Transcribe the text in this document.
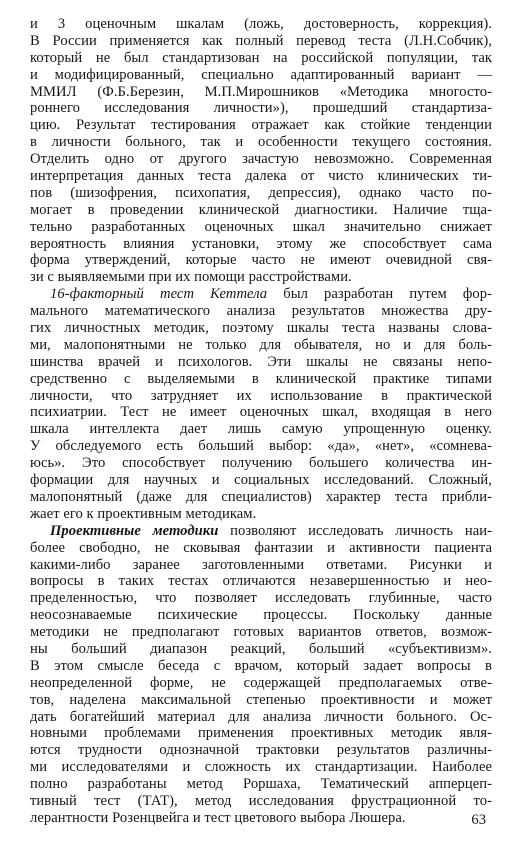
и 3 оценочным шкалам (ложь, достоверность, коррекция).
В России применяется как полный перевод теста (Л.Н.Собчик),
который не был стандартизован на российской популяции, так
и модифицированный, специально адаптированный вариант —
ММИЛ (Ф.Б.Березин, М.П.Мирошников «Методика многосто-
роннего исследования личности»), прошедший стандартиза-
цию. Результат тестирования отражает как стойкие тенденции
в личности больного, так и особенности текущего состояния.
Отделить одно от другого зачастую невозможно. Современная
интерпретация данных теста далека от чисто клинических ти-
пов (шизофрения, психопатия, депрессия), однако часто по-
могает в проведении клинической диагностики. Наличие тща-
тельно разработанных оценочных шкал значительно снижает
вероятность влияния установки, этому же способствует сама
форма утверждений, которые часто не имеют очевидной свя-
зи с выявляемыми при их помощи расстройствами.
16-факторный тест Кеттела был разработан путем фор-
мального математического анализа результатов множества дру-
гих личностных методик, поэтому шкалы теста названы слова-
ми, малопонятными не только для обывателя, но и для боль-
шинства врачей и психологов. Эти шкалы не связаны непо-
средственно с выделяемыми в клинической практике типами
личности, что затрудняет их использование в практической
психиатрии. Тест не имеет оценочных шкал, входящая в него
шкала интеллекта дает лишь самую упрощенную оценку.
У обследуемого есть больший выбор: «да», «нет», «сомнева-
юсь». Это способствует получению большего количества ин-
формации для научных и социальных исследований. Сложный,
малопонятный (даже для специалистов) характер теста прибли-
жает его к проективным методикам.
Проективные методики позволяют исследовать личность наи-
более свободно, не сковывая фантазии и активности пациента
какими-либо заранее заготовленными ответами. Рисунки и
вопросы в таких тестах отличаются незавершенностью и нео-
пределенностью, что позволяет исследовать глубинные, часто
неосознаваемые психические процессы. Поскольку данные
методики не предполагают готовых вариантов ответов, возмож-
ны больший диапазон реакций, больший «субъективизм».
В этом смысле беседа с врачом, который задает вопросы в
неопределенной форме, не содержащей предполагаемых отве-
тов, наделена максимальной степенью проективности и может
дать богатейший материал для анализа личности больного. Ос-
новными проблемами применения проективных методик явля-
ются трудности однозначной трактовки результатов различны-
ми исследователями и сложность их стандартизации. Наиболее
полно разработаны метод Роршаха, Тематический апперцеп-
тивный тест (ТАТ), метод исследования фрустрационной то-
лерантности Розенцвейга и тест цветового выбора Люшера.	63
